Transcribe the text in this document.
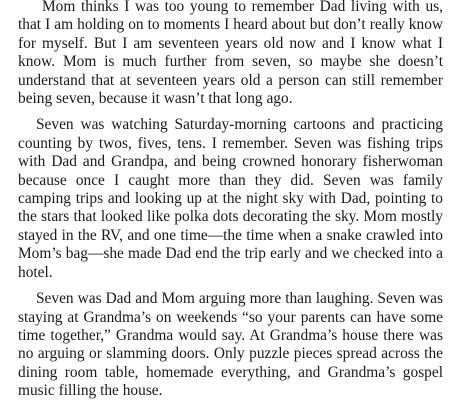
Mom thinks I was too young to remember Dad living with us, that I am holding on to moments I heard about but don’t really know for myself. But I am seventeen years old now and I know what I know. Mom is much further from seven, so maybe she doesn’t understand that at seventeen years old a person can still remember being seven, because it wasn’t that long ago.

Seven was watching Saturday-morning cartoons and practicing counting by twos, fives, tens. I remember. Seven was fishing trips with Dad and Grandpa, and being crowned honorary fisherwoman because once I caught more than they did. Seven was family camping trips and looking up at the night sky with Dad, pointing to the stars that looked like polka dots decorating the sky. Mom mostly stayed in the RV, and one time—the time when a snake crawled into Mom’s bag—she made Dad end the trip early and we checked into a hotel.

Seven was Dad and Mom arguing more than laughing. Seven was staying at Grandma’s on weekends “so your parents can have some time together,” Grandma would say. At Grandma’s house there was no arguing or slamming doors. Only puzzle pieces spread across the dining room table, homemade everything, and Grandma’s gospel music filling the house.
